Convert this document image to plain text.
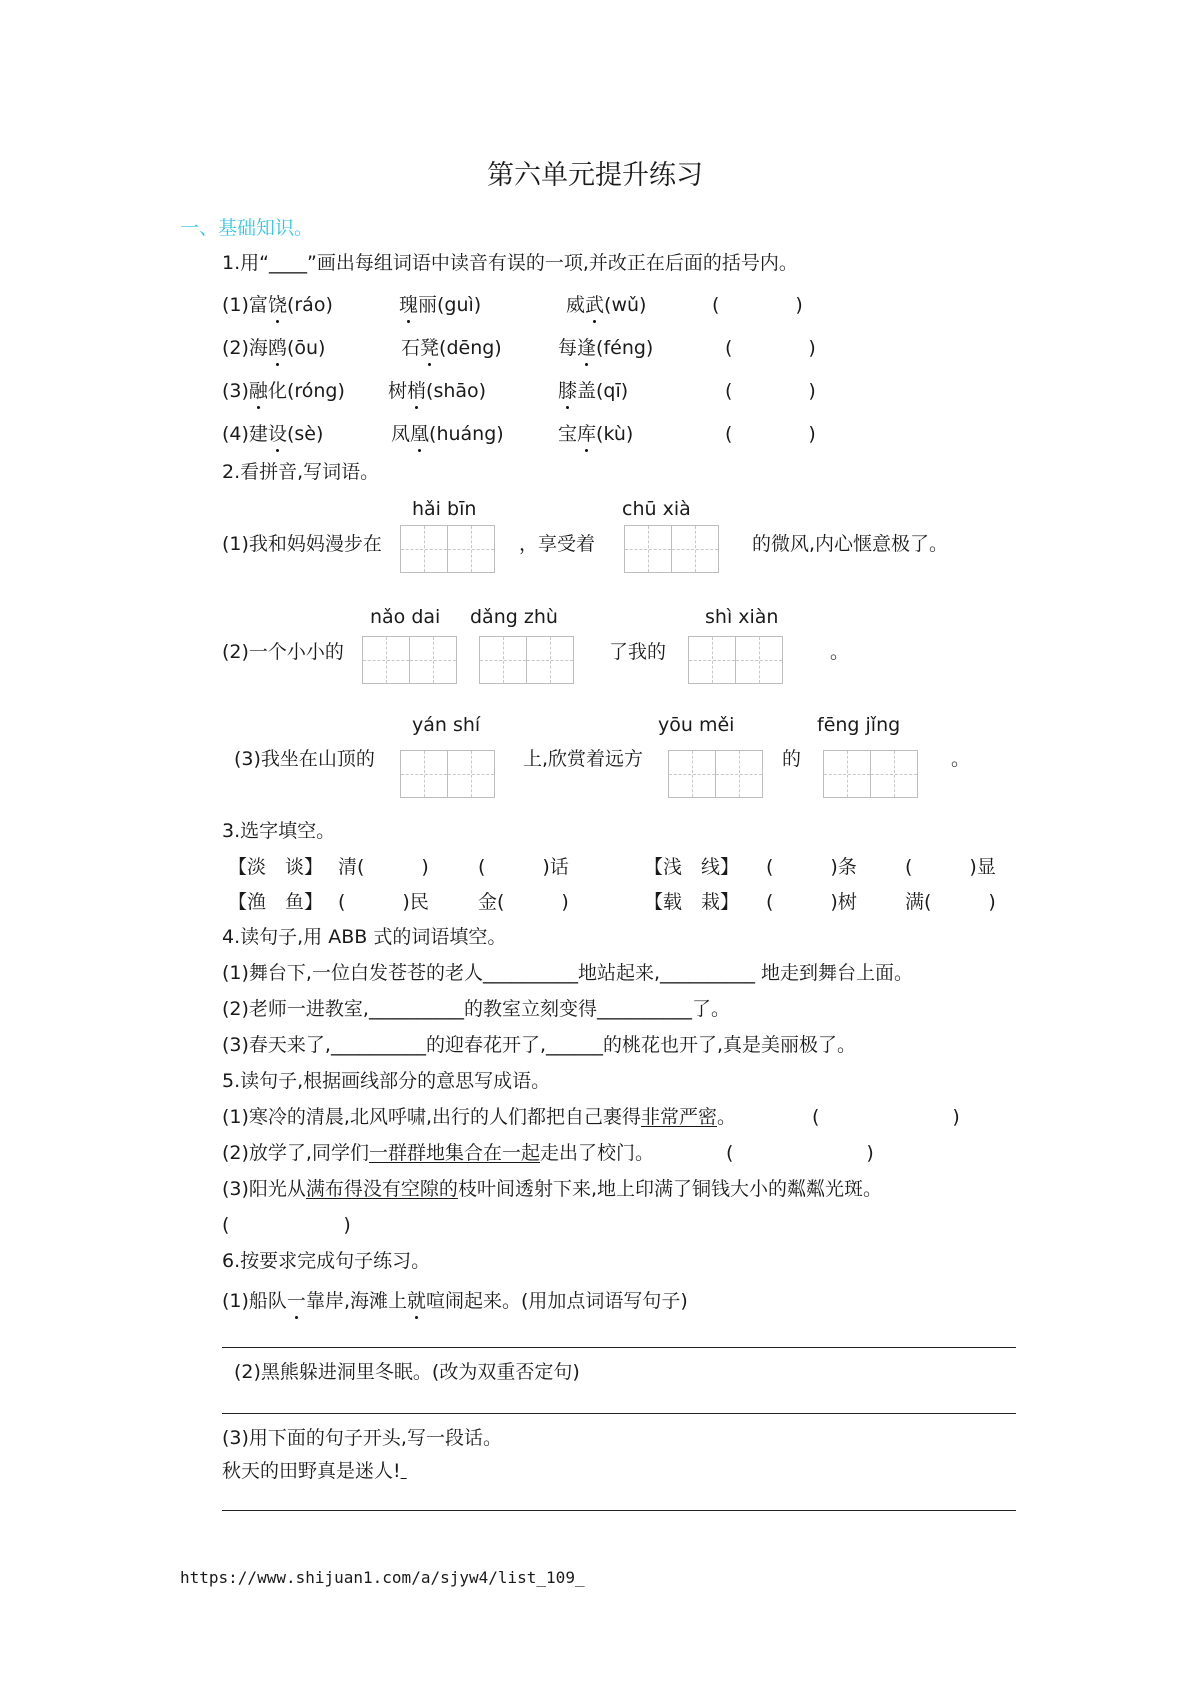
第六单元提升练习
一、基础知识。
1.用“____”画出每组词语中读音有误的一项,并改正在后面的括号内。
(1)富饶(ráo)	瑰丽(guì)	威武(wǔ)	(　　　　)
(2)海鸥(ōu)	石凳(dēng)	每逢(féng)	(　　　　)
(3)融化(róng) 树梢(shāo)	膝盖(qī)	(　　　　)
(4)建设(sè)	凤凰(huáng)	宝库(kù)	(　　　　)
2.看拼音,写词语。
hǎi bīn	chū xià
(1)我和妈妈漫步在	，享受着	的微风,内心惬意极了。
nǎo dai dǎng zhù	shì xiàn
(2)一个小小的	了我的	。
yán shí	yōu měi	fēng jǐng
(3)我坐在山顶的	上,欣赏着远方	的	。
3.选字填空。
【淡　谈】 清(　　　)	(　　　)话	【浅　线】 (　　　)条	(　　　)显
【渔　鱼】 (　　　)民	金(　　　)	【载　栽】 (　　　)树	满(　　　)
4.读句子,用 ABB 式的词语填空。
(1)舞台下,一位白发苍苍的老人__________地站起来,__________ 地走到舞台上面。
(2)老师一进教室,__________的教室立刻变得__________了。
(3)春天来了,__________的迎春花开了,______的桃花也开了,真是美丽极了。
5.读句子,根据画线部分的意思写成语。
(1)寒冷的清晨,北风呼啸,出行的人们都把自己裹得非常严密。	(　　　　　　　)
(2)放学了,同学们一群群地集合在一起走出了校门。	(　　　　　　　)
(3)阳光从满布得没有空隙的枝叶间透射下来,地上印满了铜钱大小的粼粼光斑。
(　　　　　　)
6.按要求完成句子练习。
(1)船队一靠岸,海滩上就喧闹起来。(用加点词语写句子)
(2)黑熊躲进洞里冬眠。(改为双重否定句)
(3)用下面的句子开头,写一段话。
秋天的田野真是迷人!
https://www.shijuan1.com/a/sjyw4/list_109_
